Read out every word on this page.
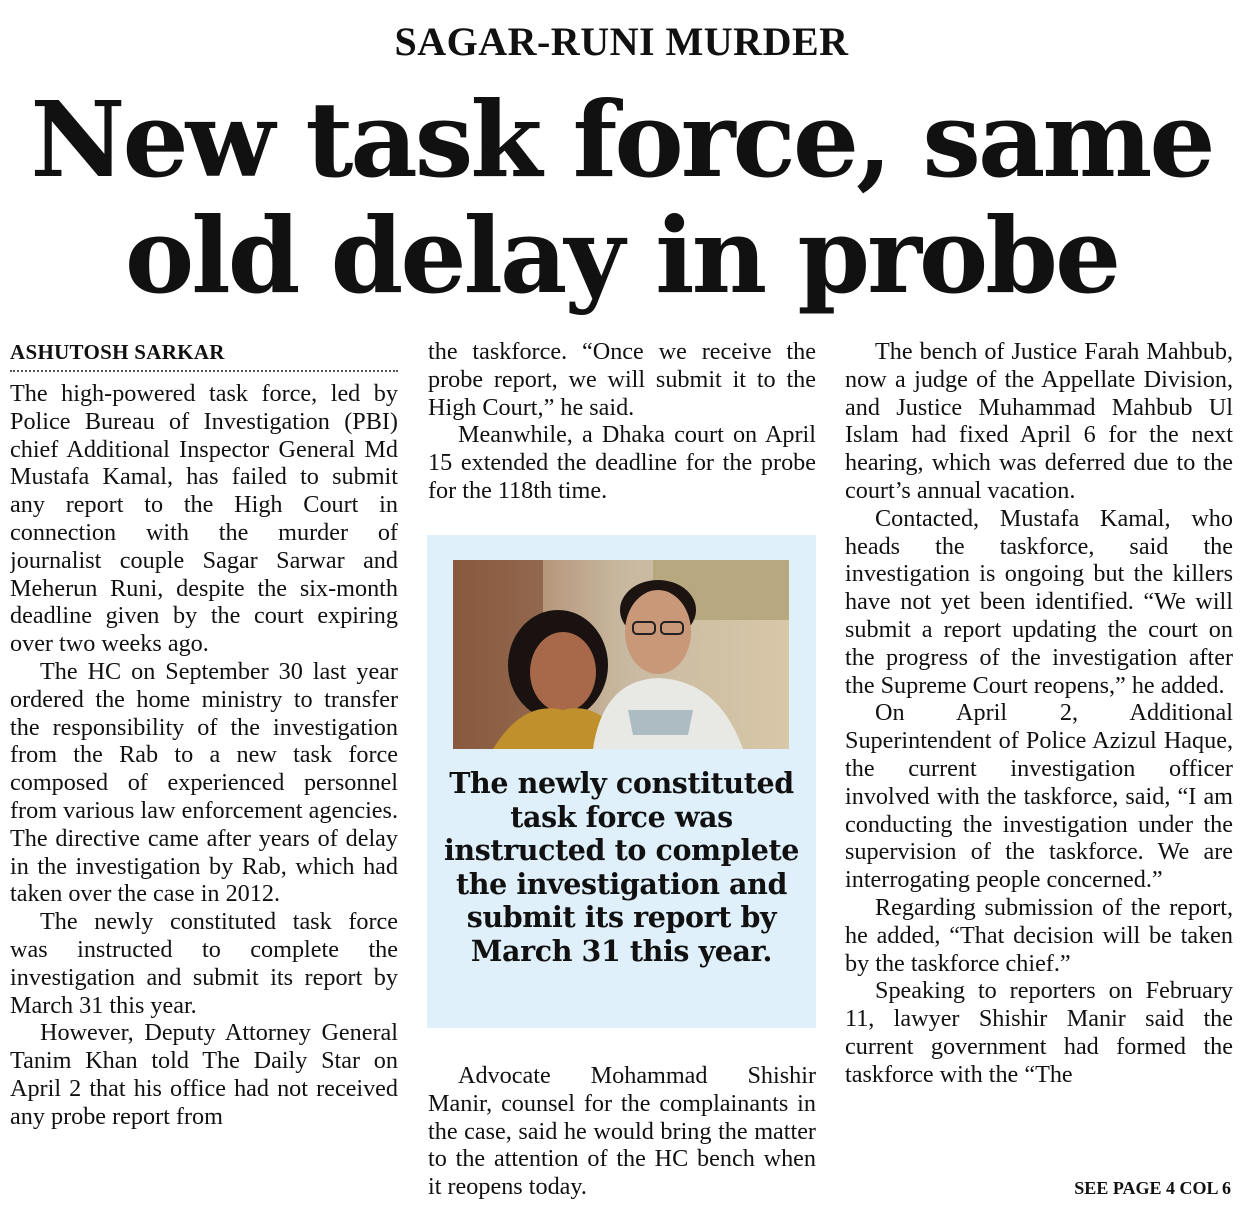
SAGAR-RUNI MURDER
New task force, same
old delay in probe
ASHUTOSH SARKAR

The high-powered task force, led by Police Bureau of Investigation (PBI) chief Additional Inspector General Md Mustafa Kamal, has failed to submit any report to the High Court in connection with the murder of journalist couple Sagar Sarwar and Meherun Runi, despite the six-month deadline given by the court expiring over two weeks ago.

The HC on September 30 last year ordered the home ministry to transfer the responsibility of the investigation from the Rab to a new task force composed of experienced personnel from various law enforcement agencies. The directive came after years of delay in the investigation by Rab, which had taken over the case in 2012.

The newly constituted task force was instructed to complete the investigation and submit its report by March 31 this year.

However, Deputy Attorney General Tanim Khan told The Daily Star on April 2 that his office had not received any probe report from

the taskforce. “Once we receive the probe report, we will submit it to the High Court,” he said.

Meanwhile, a Dhaka court on April 15 extended the deadline for the probe for the 118th time.

The newly constituted task force was instructed to complete the investigation and submit its report by March 31 this year.

Advocate Mohammad Shishir Manir, counsel for the complainants in the case, said he would bring the matter to the attention of the HC bench when it reopens today.

The bench of Justice Farah Mahbub, now a judge of the Appellate Division, and Justice Muhammad Mahbub Ul Islam had fixed April 6 for the next hearing, which was deferred due to the court’s annual vacation.

Contacted, Mustafa Kamal, who heads the taskforce, said the investigation is ongoing but the killers have not yet been identified. “We will submit a report updating the court on the progress of the investigation after the Supreme Court reopens,” he added.

On April 2, Additional Superintendent of Police Azizul Haque, the current investigation officer involved with the taskforce, said, “I am conducting the investigation under the supervision of the taskforce. We are interrogating people concerned.”

Regarding submission of the report, he added, “That decision will be taken by the taskforce chief.”

Speaking to reporters on February 11, lawyer Shishir Manir said the current government had formed the taskforce with the “The

SEE PAGE 4 COL 6
